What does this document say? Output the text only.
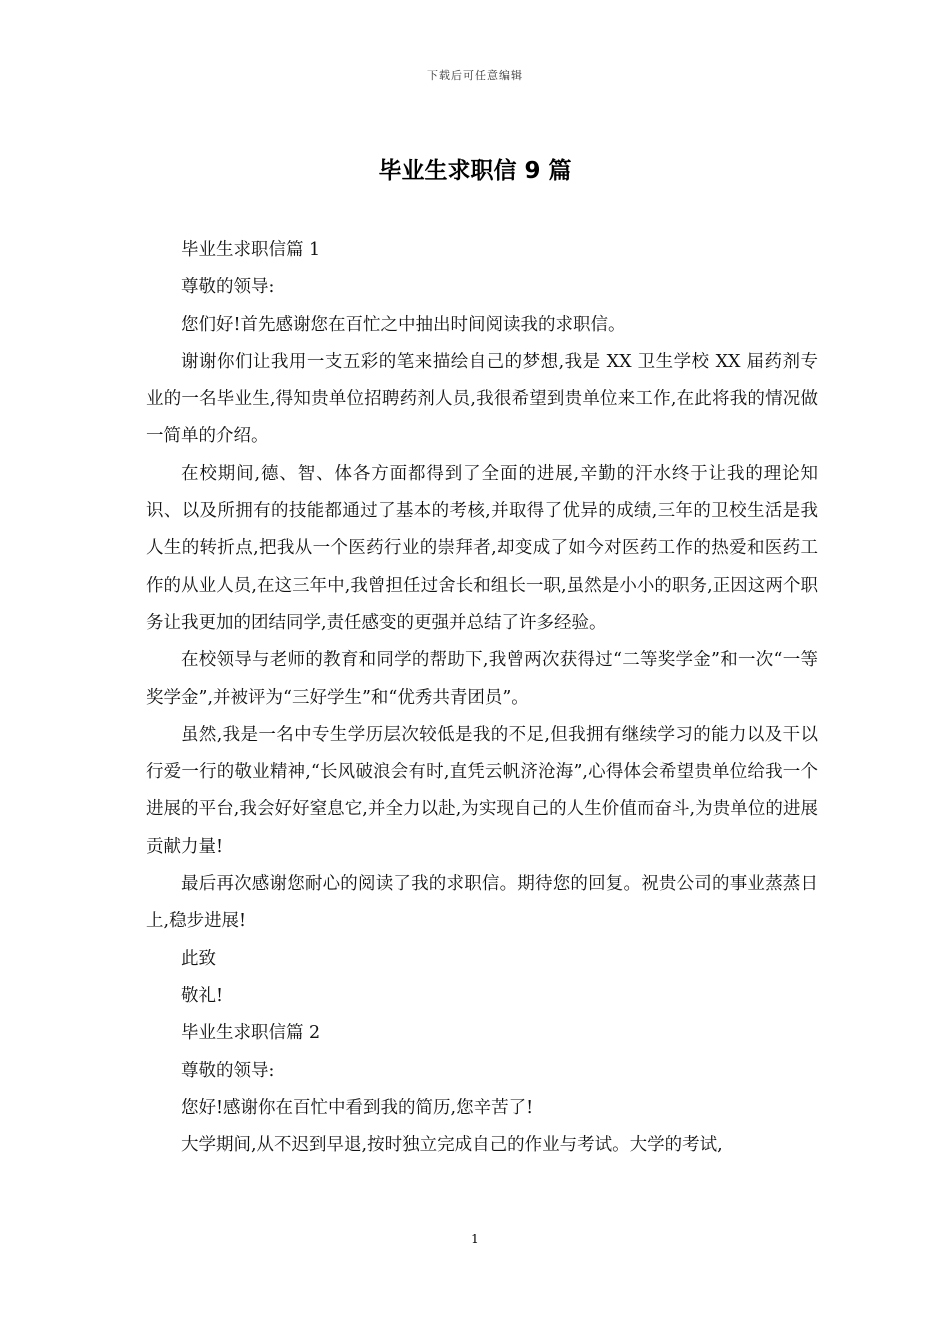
下载后可任意编辑
毕业生求职信 9 篇

毕业生求职信篇 1

尊敬的领导:

您们好!首先感谢您在百忙之中抽出时间阅读我的求职信。

谢谢你们让我用一支五彩的笔来描绘自己的梦想,我是 XX 卫生学校 XX 届药剂专业的一名毕业生,得知贵单位招聘药剂人员,我很希望到贵单位来工作,在此将我的情况做一简单的介绍。

在校期间,德、智、体各方面都得到了全面的进展,辛勤的汗水终于让我的理论知识、以及所拥有的技能都通过了基本的考核,并取得了优异的成绩,三年的卫校生活是我人生的转折点,把我从一个医药行业的崇拜者,却变成了如今对医药工作的热爱和医药工作的从业人员,在这三年中,我曾担任过舍长和组长一职,虽然是小小的职务,正因这两个职务让我更加的团结同学,责任感变的更强并总结了许多经验。

在校领导与老师的教育和同学的帮助下,我曾两次获得过“二等奖学金”和一次“一等奖学金”,并被评为“三好学生”和“优秀共青团员”。

虽然,我是一名中专生学历层次较低是我的不足,但我拥有继续学习的能力以及干以行爱一行的敬业精神,“长风破浪会有时,直凭云帆济沧海”,心得体会希望贵单位给我一个进展的平台,我会好好窒息它,并全力以赴,为实现自己的人生价值而奋斗,为贵单位的进展贡献力量!

最后再次感谢您耐心的阅读了我的求职信。期待您的回复。祝贵公司的事业蒸蒸日上,稳步进展!

此致

敬礼!

毕业生求职信篇 2

尊敬的领导:

您好!感谢你在百忙中看到我的简历,您辛苦了!

大学期间,从不迟到早退,按时独立完成自己的作业与考试。大学的考试,

1
